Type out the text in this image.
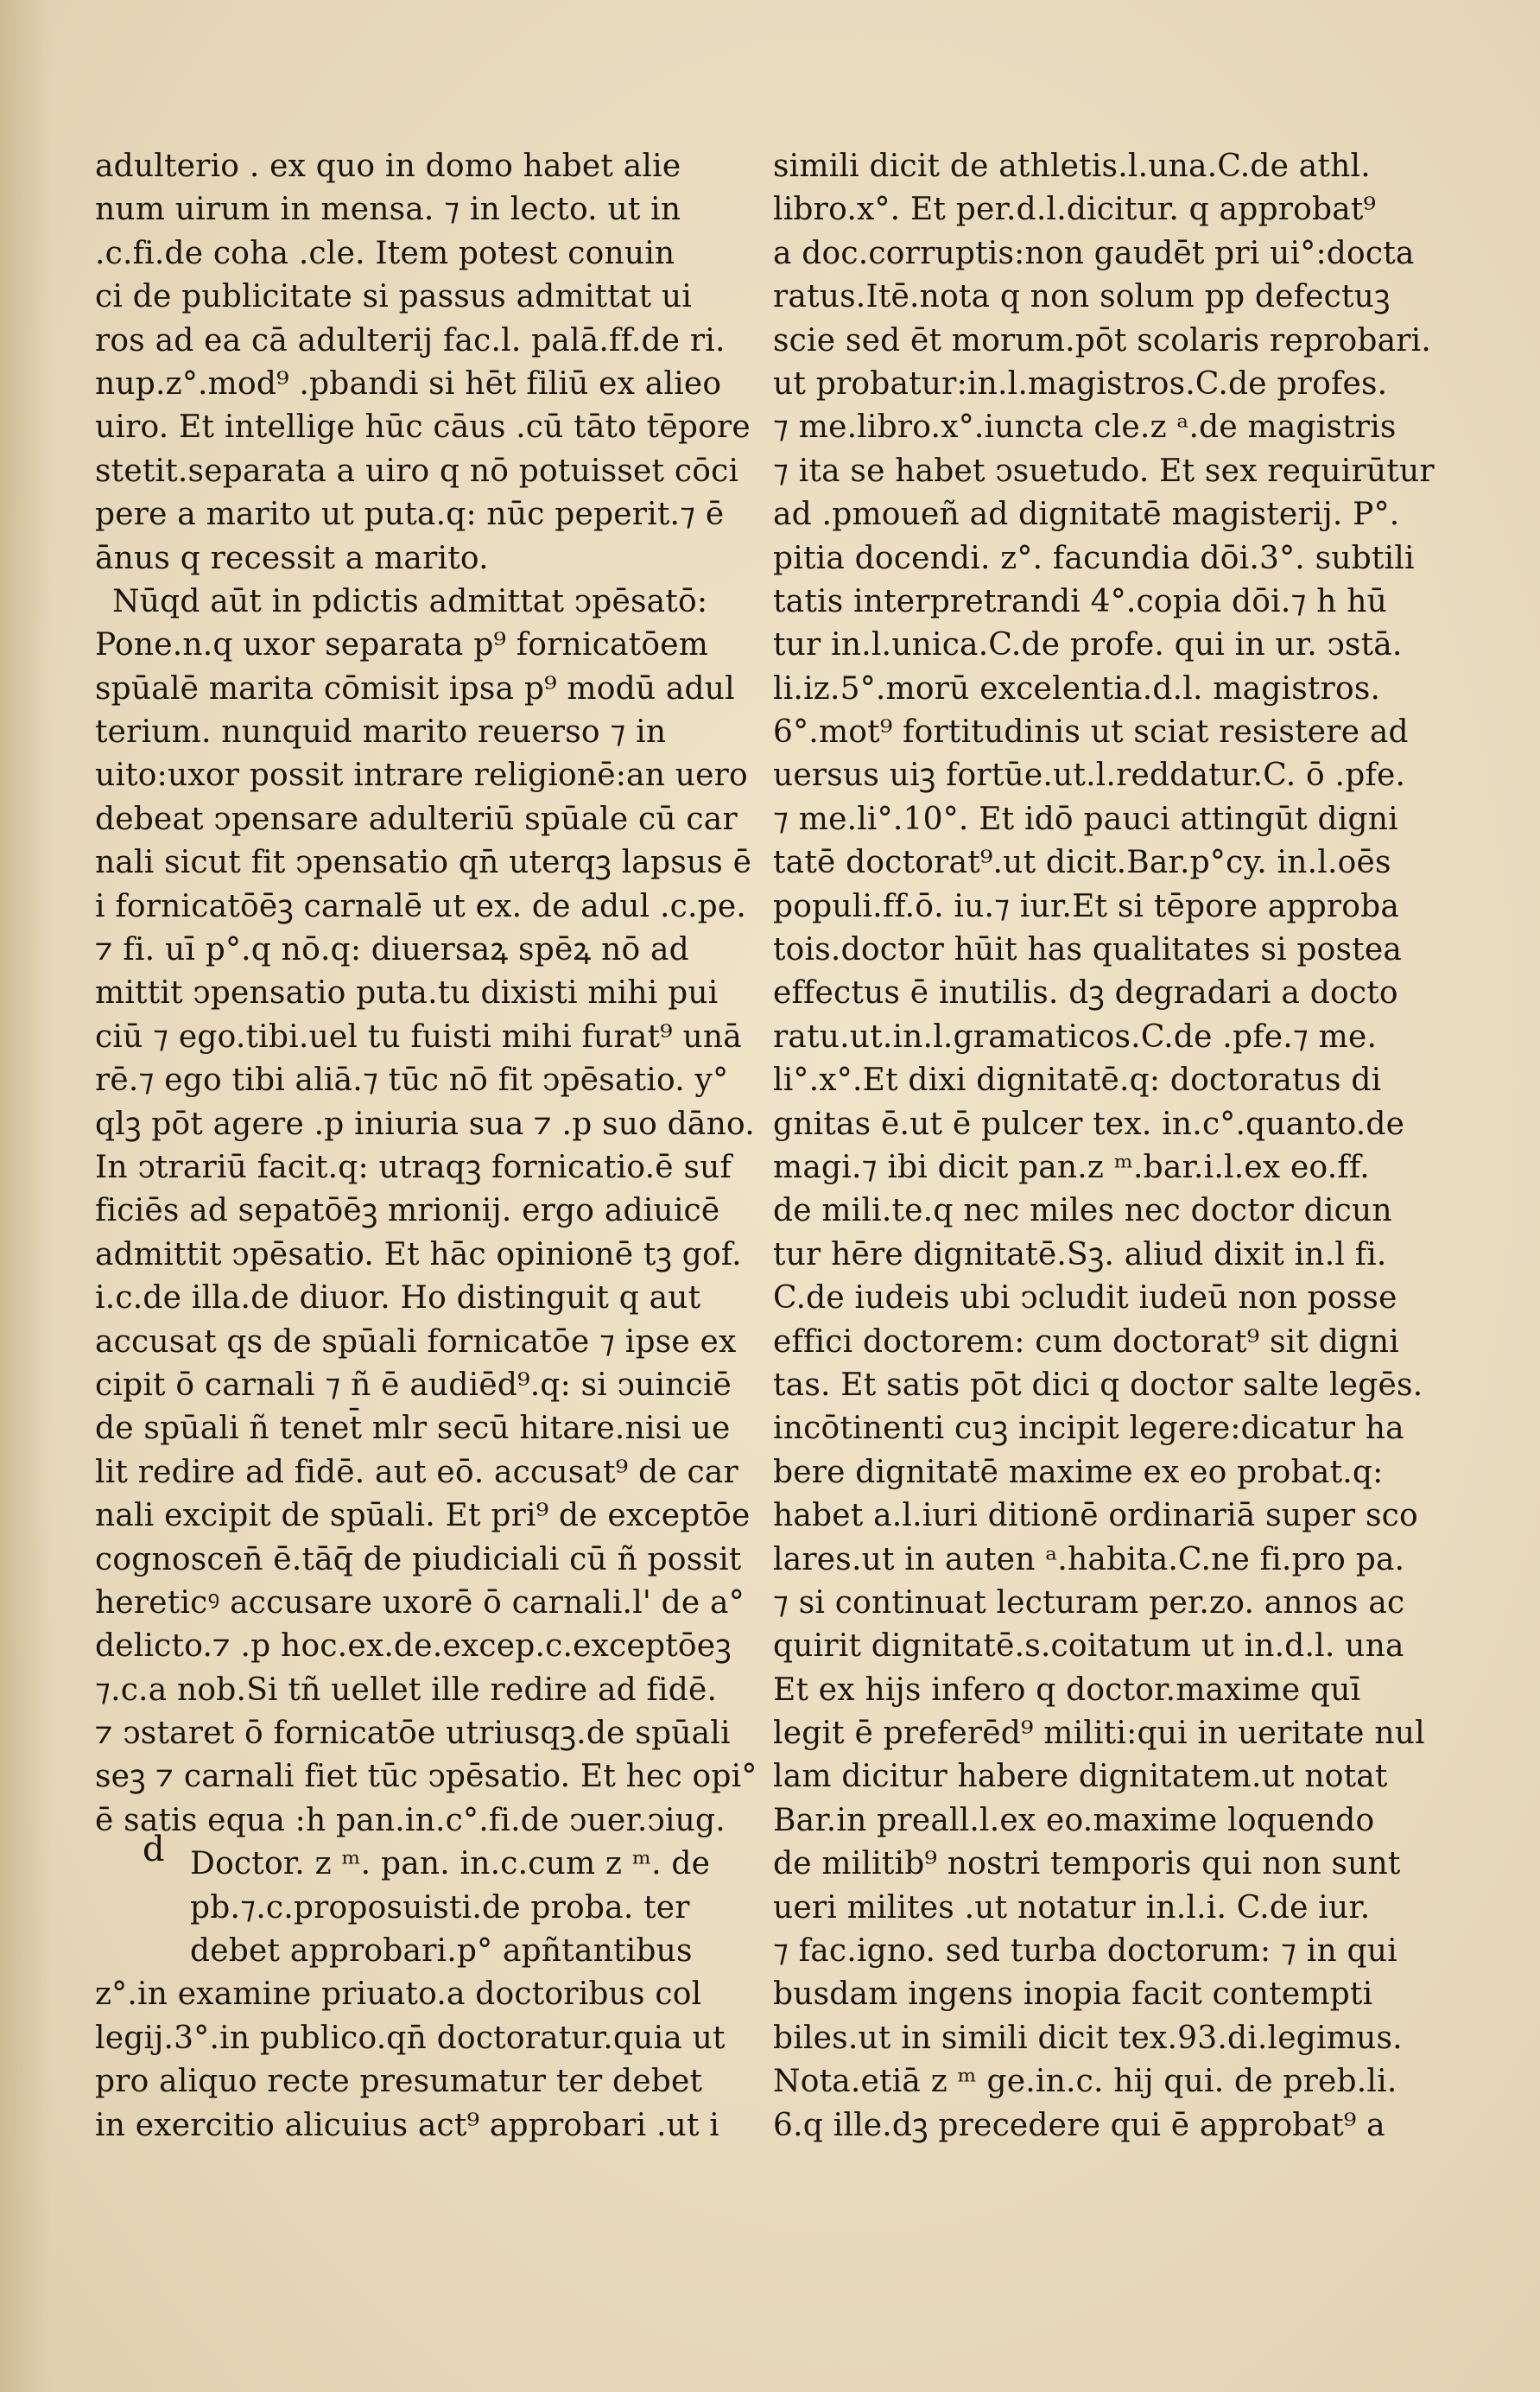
adulterio . ex quo in domo habet alie
num uirum in mensa. ⁊ in lecto. ut in
.c.fi.de coha .cle. Item potest conuin
ci de publicitate si passus admittat ui
ros ad ea cā adulterij fac.l. palā.ff.de ri.
nup.z°.mod⁹ .pbandi si hēt filiū ex alieo
uiro. Et intellige hūc cāus .cū tāto tēpore
stetit.separata a uiro q nō potuisset cōci
pere a marito ut puta.q: nūc peperit.⁊ ē
ānus q recessit a marito.
Nūqd aūt in pdictis admittat ↄpēsatō:
Pone.n.q uxor separata p⁹ fornicatōem
spūalē marita cōmisit ipsa p⁹ modū adul
terium. nunquid marito reuerso ⁊ in
uito:uxor possit intrare religionē:an uero
debeat ↄpensare adulteriū spūale cū car
nali sicut fit ↄpensatio qn̄ uterqꝫ lapsus ē
i fornicatōēꝫ carnalē ut ex. de adul .c.pe.
⁊ fi. uī p°.q nō.q: diuersaꝝ spēꝝ nō ad
mittit ↄpensatio puta.tu dixisti mihi pui
ciū ⁊ ego.tibi.uel tu fuisti mihi furat⁹ unā
rē.⁊ ego tibi aliā.⁊ tūc nō fit ↄpēsatio. y°
qlꝫ pōt agere .p iniuria sua ⁊ .p suo dāno.
In ↄtrariū facit.q: utraqꝫ fornicatio.ē suf
ficiēs ad sepatōēꝫ mrionij. ergo adiuicē
admittit ↄpēsatio. Et hāc opinionē tꝫ gof.
i.c.de illa.de diuor. Ho distinguit q aut
accusat qs de spūali fornicatōe ⁊ ipse ex
cipit ō carnali ⁊ ñ ē audiēd⁹.q: si ↄuinciē
de spūali ñ tenet̄ mlr secū hitare.nisi ue
lit redire ad fidē. aut eō. accusat⁹ de car
nali excipit de spūali. Et pri⁹ de exceptōe
cognoscen̄ ē.tāq̄ de piudiciali cū ñ possit
hereticꝰ accusare uxorē ō carnali.l' de a°
delicto.⁊ .p hoc.ex.de.excep.c.exceptōeꝫ
⁊.c.a nob.Si tñ uellet ille redire ad fidē.
⁊ ↄstaret ō fornicatōe utriusqꝫ.de spūali
seꝫ ⁊ carnali fiet tūc ↄpēsatio. Et hec opi°
ē satis equa :h pan.in.c°.fi.de ↄuer.ↄiug.
Doctor. z ᵐ. pan. in.c.cum z ᵐ. de
pb.⁊.c.proposuisti.de proba. ter
debet approbari.p° apñtantibus
z°.in examine priuato.a doctoribus col
legij.3°.in publico.qn̄ doctoratur.quia ut
pro aliquo recte presumatur ter debet
in exercitio alicuius act⁹ approbari .ut i
simili dicit de athletis.l.una.C.de athl.
libro.x°. Et per.d.l.dicitur. q approbat⁹
a doc.corruptis:non gaudēt pri ui°:docta
ratus.Itē.nota q non solum pp defectuꝫ
scie sed ēt morum.pōt scolaris reprobari.
ut probatur:in.l.magistros.C.de profes.
⁊ me.libro.x°.iuncta cle.z ᵃ.de magistris
⁊ ita se habet ↄsuetudo. Et sex requirūtur
ad .pmoueñ ad dignitatē magisterij. P°.
pitia docendi. z°. facundia dōi.3°. subtili
tatis interpretrandi 4°.copia dōi.⁊ h hū
tur in.l.unica.C.de profe. qui in ur. ↄstā.
li.iz.5°.morū excelentia.d.l. magistros.
6°.mot⁹ fortitudinis ut sciat resistere ad
uersus uiꝫ fortūe.ut.l.reddatur.C. ō .pfe.
⁊ me.li°.10°. Et idō pauci attingūt digni
tatē doctorat⁹.ut dicit.Bar.p°cy. in.l.oēs
populi.ff.ō. iu.⁊ iur.Et si tēpore approba
tois.doctor hūit has qualitates si postea
effectus ē inutilis. dꝫ degradari a docto
ratu.ut.in.l.gramaticos.C.de .pfe.⁊ me.
li°.x°.Et dixi dignitatē.q: doctoratus di
gnitas ē.ut ē pulcer tex. in.c°.quanto.de
magi.⁊ ibi dicit pan.z ᵐ.bar.i.l.ex eo.ff.
de mili.te.q nec miles nec doctor dicun
tur hēre dignitatē.Sꝫ. aliud dixit in.l fi.
C.de iudeis ubi ↄcludit iudeū non posse
effici doctorem: cum doctorat⁹ sit digni
tas. Et satis pōt dici q doctor salte legēs.
incōtinenti cuꝫ incipit legere:dicatur ha
bere dignitatē maxime ex eo probat.q:
habet a.l.iuri ditionē ordinariā super sco
lares.ut in auten ᵃ.habita.C.ne fi.pro pa.
⁊ si continuat lecturam per.zo. annos ac
quirit dignitatē.s.coitatum ut in.d.l. una
Et ex hijs infero q doctor.maxime quī
legit ē preferēd⁹ militi:qui in ueritate nul
lam dicitur habere dignitatem.ut notat
Bar.in preall.l.ex eo.maxime loquendo
de militib⁹ nostri temporis qui non sunt
ueri milites .ut notatur in.l.i. C.de iur.
⁊ fac.igno. sed turba doctorum: ⁊ in qui
busdam ingens inopia facit contempti
biles.ut in simili dicit tex.93.di.legimus.
Nota.etiā z ᵐ ge.in.c. hij qui. de preb.li.
6.q ille.dꝫ precedere qui ē approbat⁹ a
d
